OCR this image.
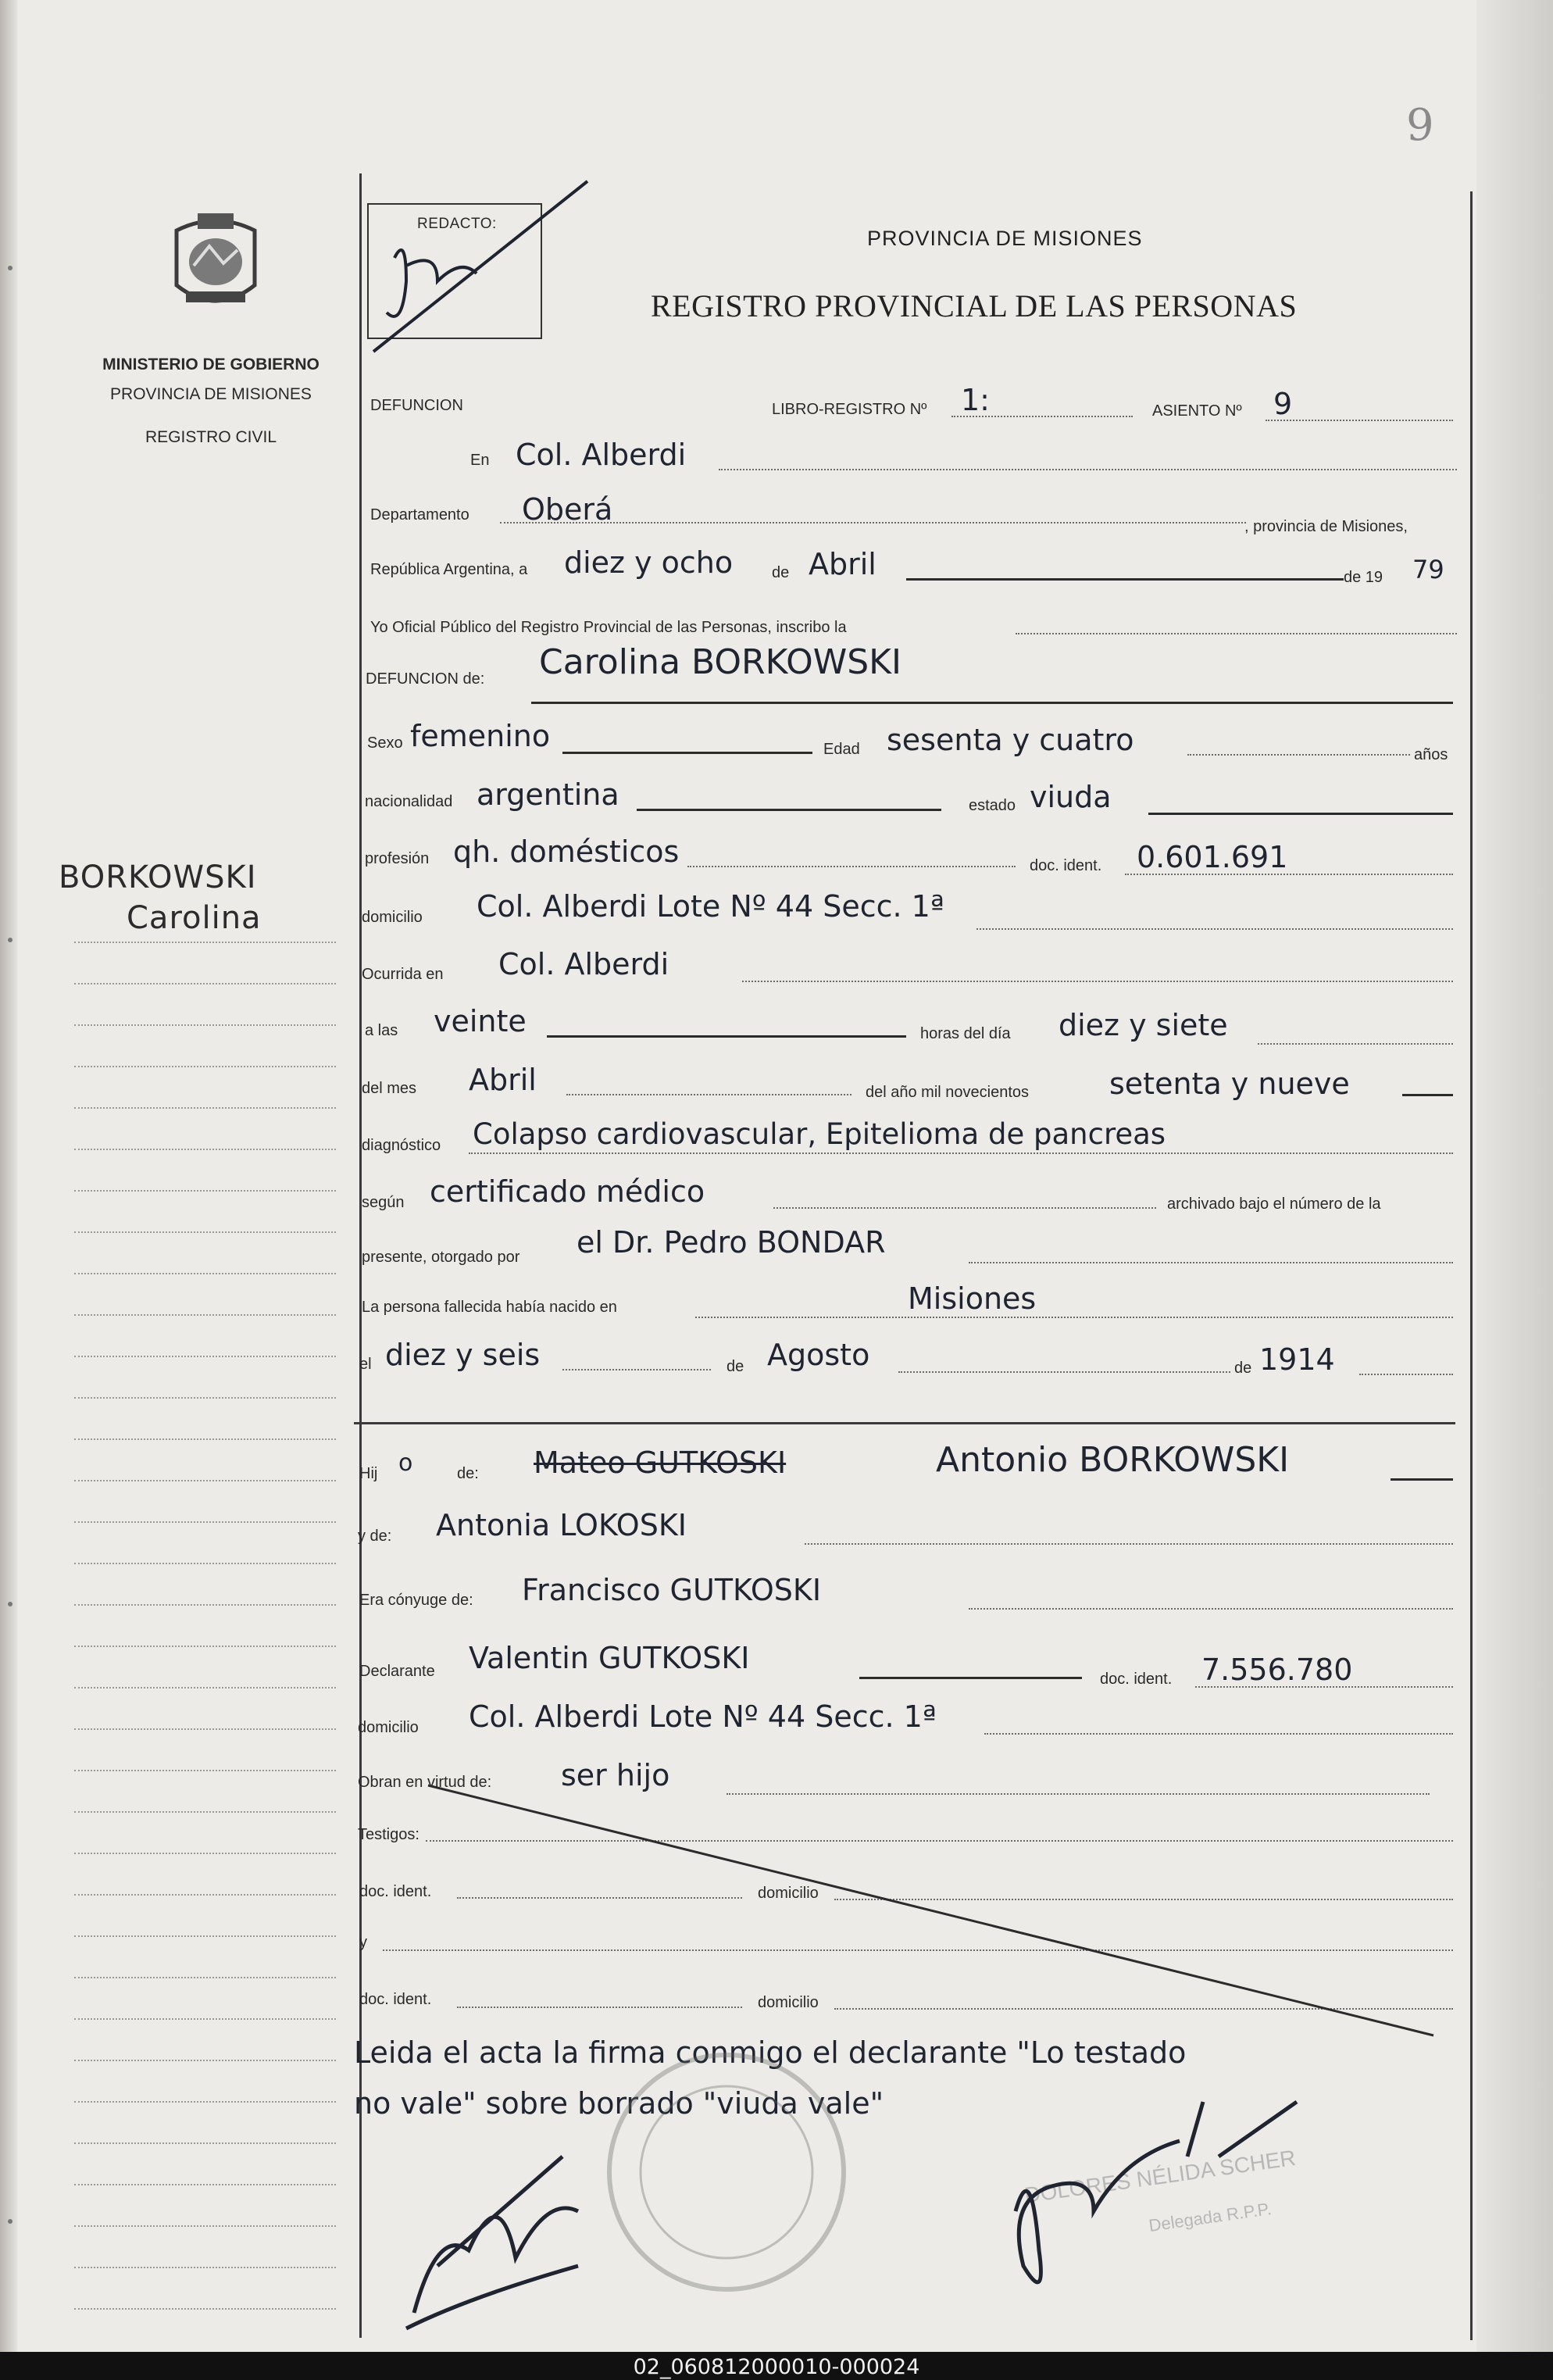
9
MINISTERIO DE GOBIERNO
PROVINCIA DE MISIONES
REGISTRO CIVIL
BORKOWSKI
Carolina
REDACTO:
PROVINCIA DE MISIONES
REGISTRO PROVINCIAL DE LAS PERSONAS
DEFUNCION	LIBRO-REGISTRO Nº 1:	ASIENTO Nº 9
En Col. Alberdi
Departamento Oberá	, provincia de Misiones,
República Argentina, a diez y ocho de Abril	de 19 79
Yo Oficial Público del Registro Provincial de las Personas, inscribo la
DEFUNCION de: Carolina BORKOWSKI
Sexo femenino	Edad sesenta y cuatro	años
nacionalidad argentina	estado viuda
profesión qh. domésticos	doc. ident. 0.601.691
domicilio Col. Alberdi Lote Nº 44 Secc. 1ª
Ocurrida en Col. Alberdi
a las veinte	horas del día diez y siete
del mes Abril	del año mil novecientos	setenta y nueve
diagnóstico Colapso cardiovascular, Epitelioma de pancreas
según certificado médico	archivado bajo el número de la
presente, otorgado por el Dr. Pedro BONDAR
La persona fallecida había nacido en	Misiones
el diez y seis	de Agosto	de 1914
Hij o	de: Mateo GUTKOSKI	Antonio BORKOWSKI
y de: Antonia LOKOSKI
Era cónyuge de: Francisco GUTKOSKI
Declarante Valentin GUTKOSKI
doc. ident. 7.556.780
domicilio Col. Alberdi Lote Nº 44 Secc. 1ª
Obran en virtud de: ser hijo
Testigos:
doc. ident.	domicilio
y
doc. ident.	domicilio
Leida el acta la firma conmigo el declarante "Lo testado
no vale" sobre borrado "viuda vale"
DOLORES NÉLIDA SCHER
Delegada R.P.P.
02_060812000010-000024
